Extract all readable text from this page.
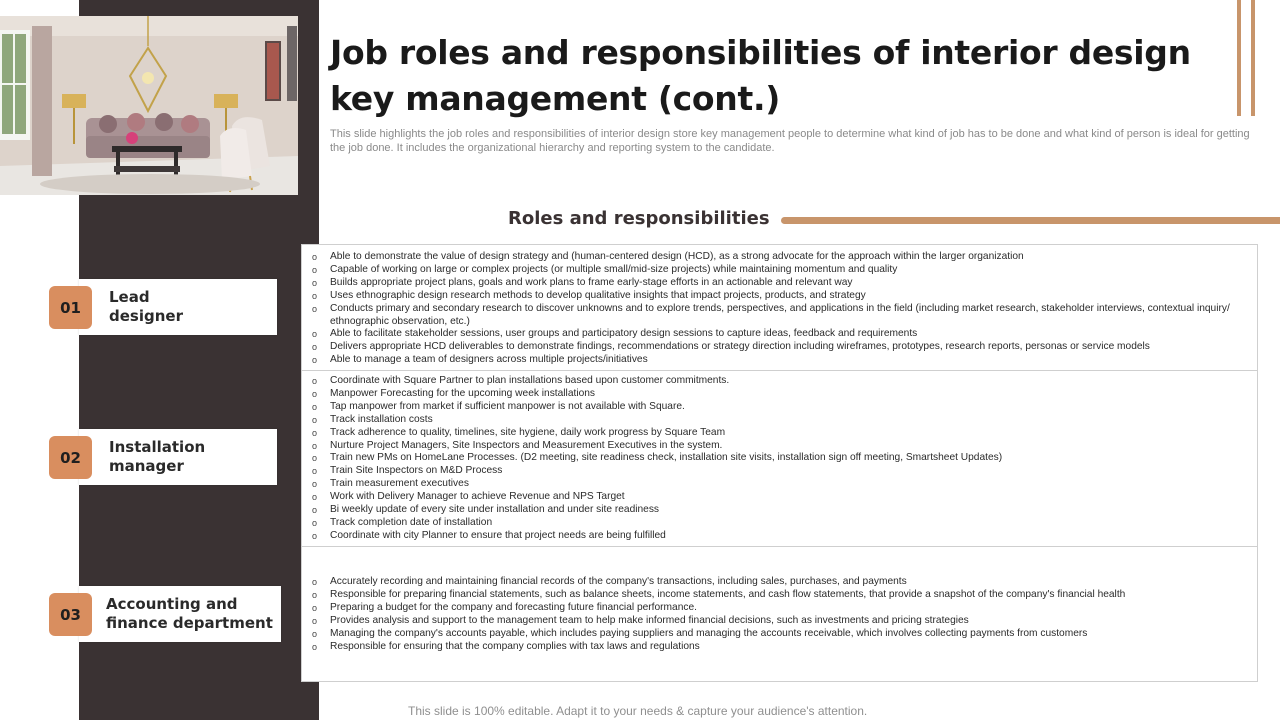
Job roles and responsibilities of interior design key management (cont.)

This slide highlights the job roles and responsibilities of interior design store key management people to determine what kind of job has to be done and what kind of person is ideal for getting the job done. It includes the organizational hierarchy and reporting system to the candidate.

Roles and responsibilities
Lead
designer
01
Installation
manager
02
Accounting and
finance department
03
o Able to demonstrate the value of design strategy and (human-centered design (HCD), as a strong advocate for the approach within the larger organization
o Capable of working on large or complex projects (or multiple small/mid-size projects) while maintaining momentum and quality
o Builds appropriate project plans, goals and work plans to frame early-stage efforts in an actionable and relevant way
o Uses ethnographic design research methods to develop qualitative insights that impact projects, products, and strategy
o Conducts primary and secondary research to discover unknowns and to explore trends, perspectives, and applications in the field (including market research, stakeholder interviews, contextual inquiry/ ethnographic observation, etc.)
o Able to facilitate stakeholder sessions, user groups and participatory design sessions to capture ideas, feedback and requirements
o Delivers appropriate HCD deliverables to demonstrate findings, recommendations or strategy direction including wireframes, prototypes, research reports, personas or service models
o Able to manage a team of designers across multiple projects/initiatives
o Coordinate with Square Partner to plan installations based upon customer commitments.
o Manpower Forecasting for the upcoming week installations
o Tap manpower from market if sufficient manpower is not available with Square.
o Track installation costs
o Track adherence to quality, timelines, site hygiene, daily work progress by Square Team
o Nurture Project Managers, Site Inspectors and Measurement Executives in the system.
o Train new PMs on HomeLane Processes. (D2 meeting, site readiness check, installation site visits, installation sign off meeting, Smartsheet Updates)
o Train Site Inspectors on M&D Process
o Train measurement executives
o Work with Delivery Manager to achieve Revenue and NPS Target
o Bi weekly update of every site under installation and under site readiness
o Track completion date of installation
o Coordinate with city Planner to ensure that project needs are being fulfilled
o Accurately recording and maintaining financial records of the company's transactions, including sales, purchases, and payments
o Responsible for preparing financial statements, such as balance sheets, income statements, and cash flow statements, that provide a snapshot of the company's financial health
o Preparing a budget for the company and forecasting future financial performance.
o Provides analysis and support to the management team to help make informed financial decisions, such as investments and pricing strategies
o Managing the company's accounts payable, which includes paying suppliers and managing the accounts receivable, which involves collecting payments from customers
o Responsible for ensuring that the company complies with tax laws and regulations
This slide is 100% editable. Adapt it to your needs & capture your audience's attention.
